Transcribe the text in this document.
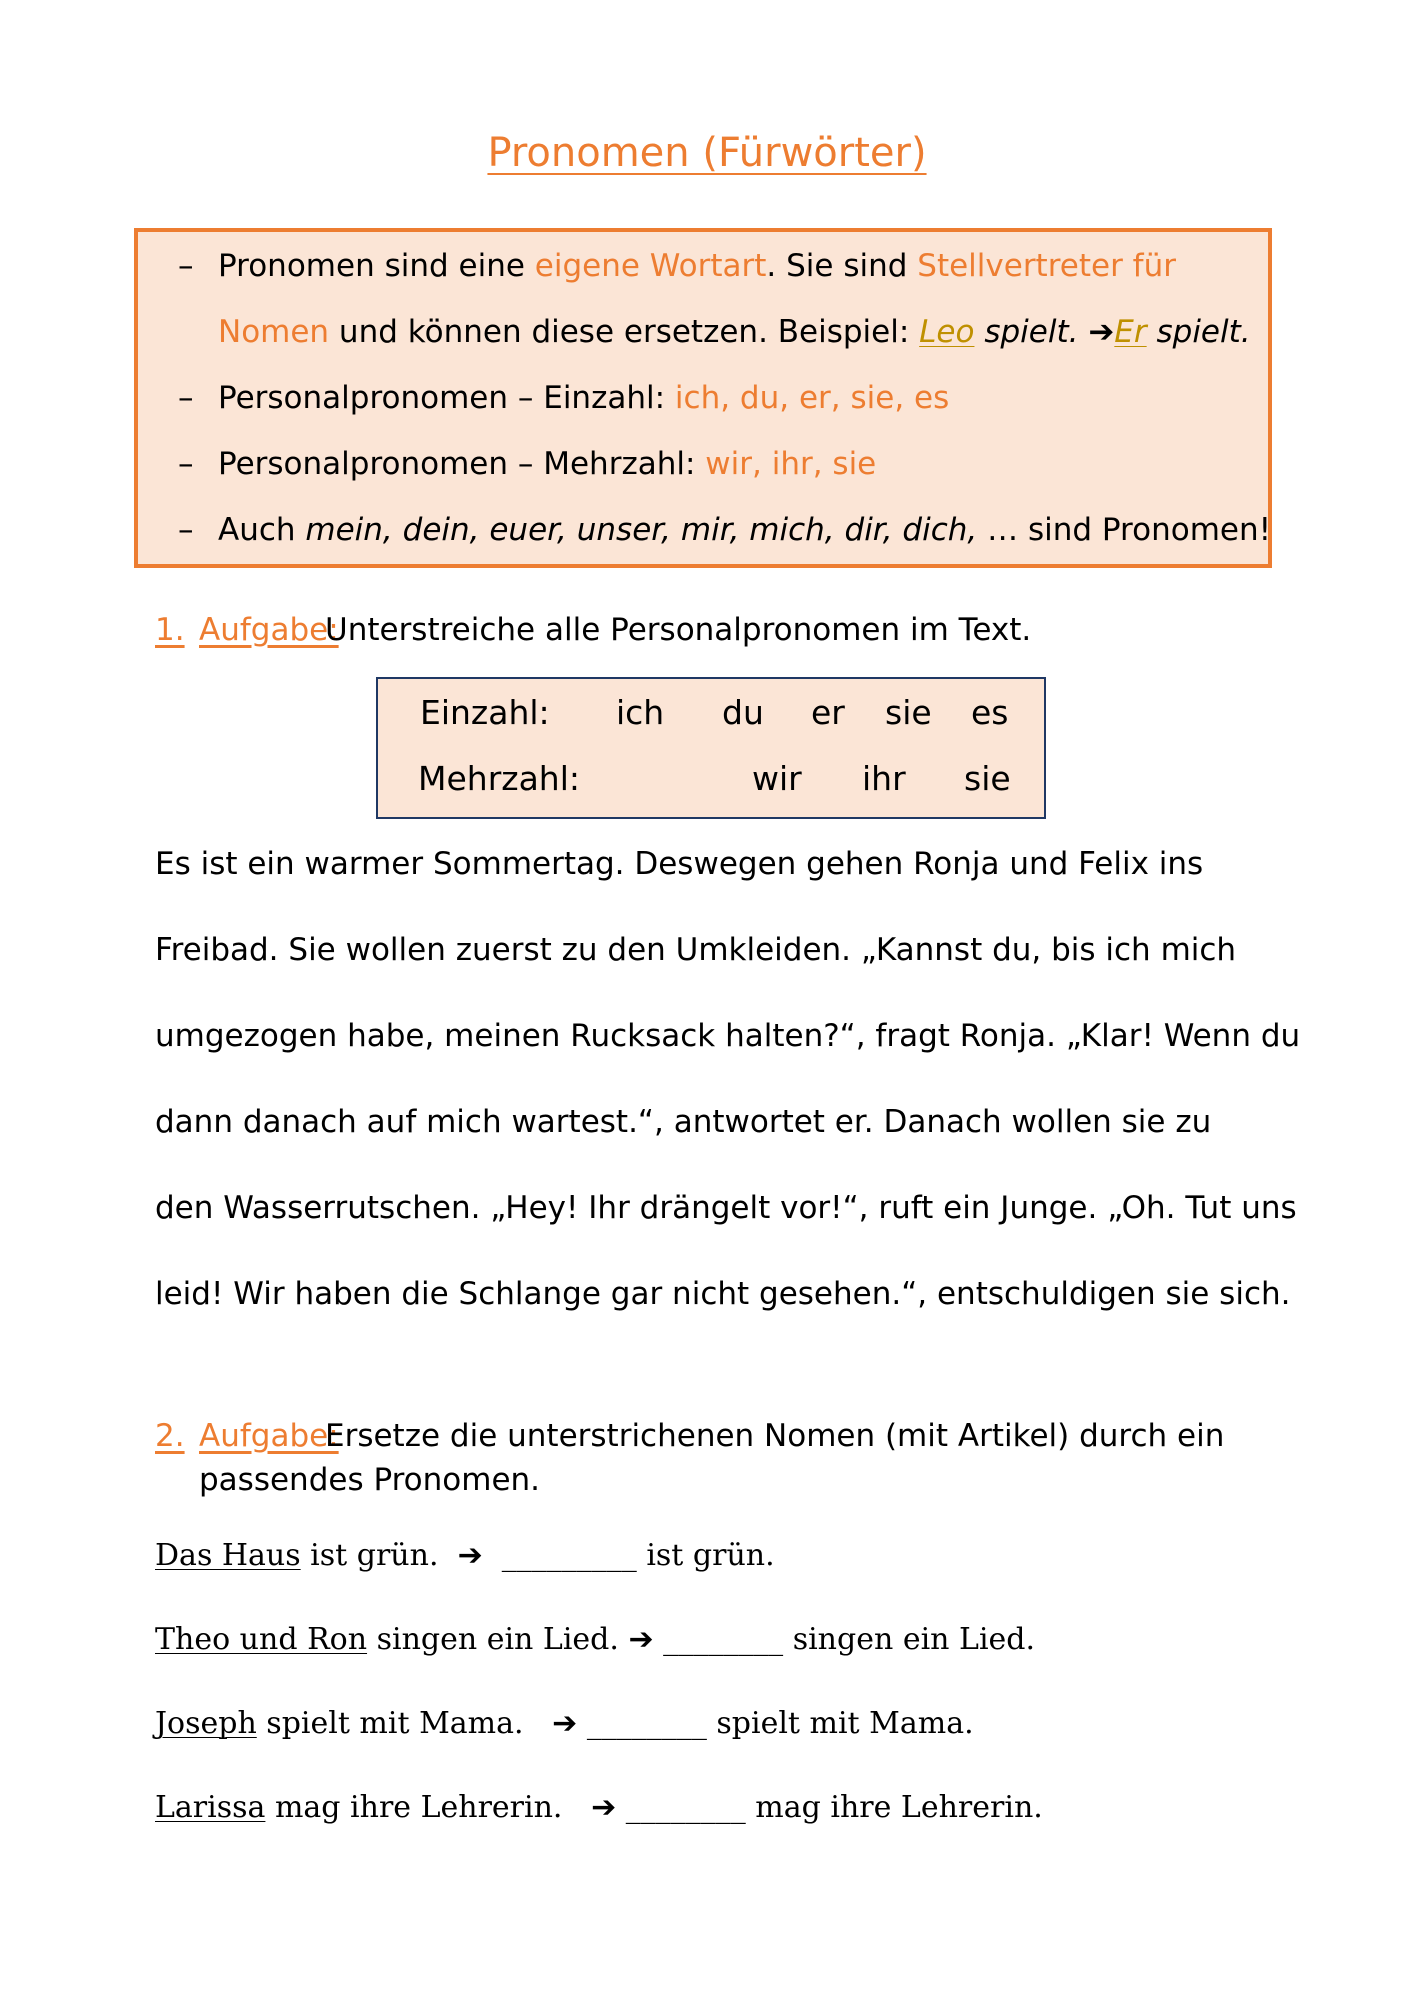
Pronomen (Fürwörter)
– Pronomen sind eine eigene Wortart. Sie sind Stellvertreter für
Nomen und können diese ersetzen. Beispiel: Leo spielt. ➔Er spielt.
– Personalpronomen – Einzahl: ich, du, er, sie, es
– Personalpronomen – Mehrzahl: wir, ihr, sie
– Auch mein, dein, euer, unser, mir, mich, dir, dich, … sind Pronomen!
1. Aufgabe:
Unterstreiche alle Personalpronomen im Text.
Einzahl: ich du er sie es
Mehrzahl:	wir ihr sie
Es ist ein warmer Sommertag. Deswegen gehen Ronja und Felix ins
Freibad. Sie wollen zuerst zu den Umkleiden. „Kannst du, bis ich mich
umgezogen habe, meinen Rucksack halten?“, fragt Ronja. „Klar! Wenn du
dann danach auf mich wartest.“, antwortet er. Danach wollen sie zu
den Wasserrutschen. „Hey! Ihr drängelt vor!“, ruft ein Junge. „Oh. Tut uns
leid! Wir haben die Schlange gar nicht gesehen.“, entschuldigen sie sich.
2. Aufgabe:
Ersetze die unterstrichenen Nomen (mit Artikel) durch ein
passendes Pronomen.
Das Haus ist grün.  ➔  _________ ist grün.
Theo und Ron singen ein Lied. ➔ ________ singen ein Lied.
Joseph spielt mit Mama.   ➔ ________ spielt mit Mama.
Larissa mag ihre Lehrerin.   ➔ ________ mag ihre Lehrerin.
